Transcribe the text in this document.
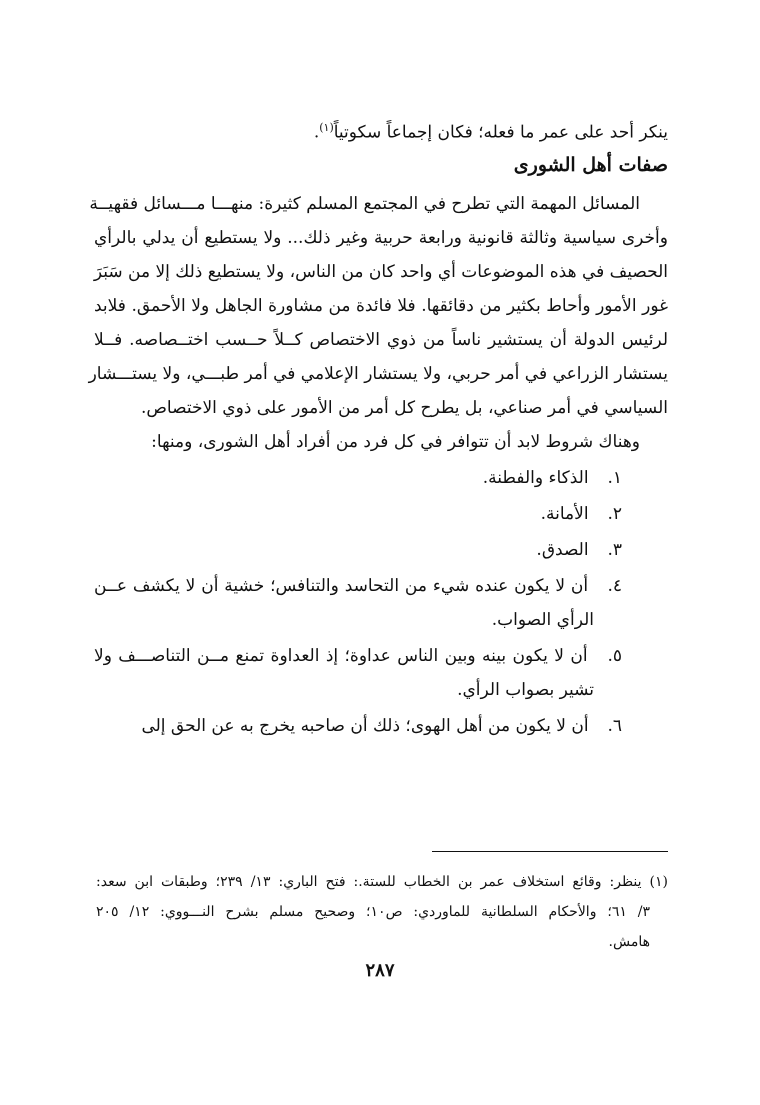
ينكر أحد على عمر ما فعله؛ فكان إجماعاً سكوتياً$^{(١)}$.
صفات أهل الشورى
المسائل المهمة التي تطرح في المجتمع المسلم كثيرة: منهـــا مـــسائل فقهيــة
وأخرى سياسية وثالثة قانونية ورابعة حربية وغير ذلك... ولا يستطيع أن يدلي بالرأي
الحصيف في هذه الموضوعات أي واحد كان من الناس، ولا يستطيع ذلك إلا من سَبَرَ
غور الأمور وأحاط بكثير من دقائقها. فلا فائدة من مشاورة الجاهل ولا الأحمق. فلابد
لرئيس الدولة أن يستشير ناساً من ذوي الاختصاص كــلاً حــسب اختــصاصه. فــلا
يستشار الزراعي في أمر حربي، ولا يستشار الإعلامي في أمر طبـــي، ولا يستـــشار
السياسي في أمر صناعي، بل يطرح كل أمر من الأمور على ذوي الاختصاص.
وهناك شروط لابد أن تتوافر في كل فرد من أفراد أهل الشورى، ومنها:
١. الذكاء والفطنة.
٢. الأمانة.
٣. الصدق.
٤. أن لا يكون عنده شيء من التحاسد والتنافس؛ خشية أن لا يكشف عــن
الرأي الصواب.
٥. أن لا يكون بينه وبين الناس عداوة؛ إذ العداوة تمنع مــن التناصـــف ولا
تشير بصواب الرأي.
٦. أن لا يكون من أهل الهوى؛ ذلك أن صاحبه يخرج به عن الحق إلى
(١) ينظر: وقائع استخلاف عمر بن الخطاب للستة.: فتح الباري: ١٣/ ٢٣٩؛ وطبقات ابن سعد:
٣/ ٦١؛ والأحكام السلطانية للماوردي: ص١٠؛ وصحيح مسلم بشرح النـــووي: ١٢/ ٢٠٥
هامش.
٢٨٧
